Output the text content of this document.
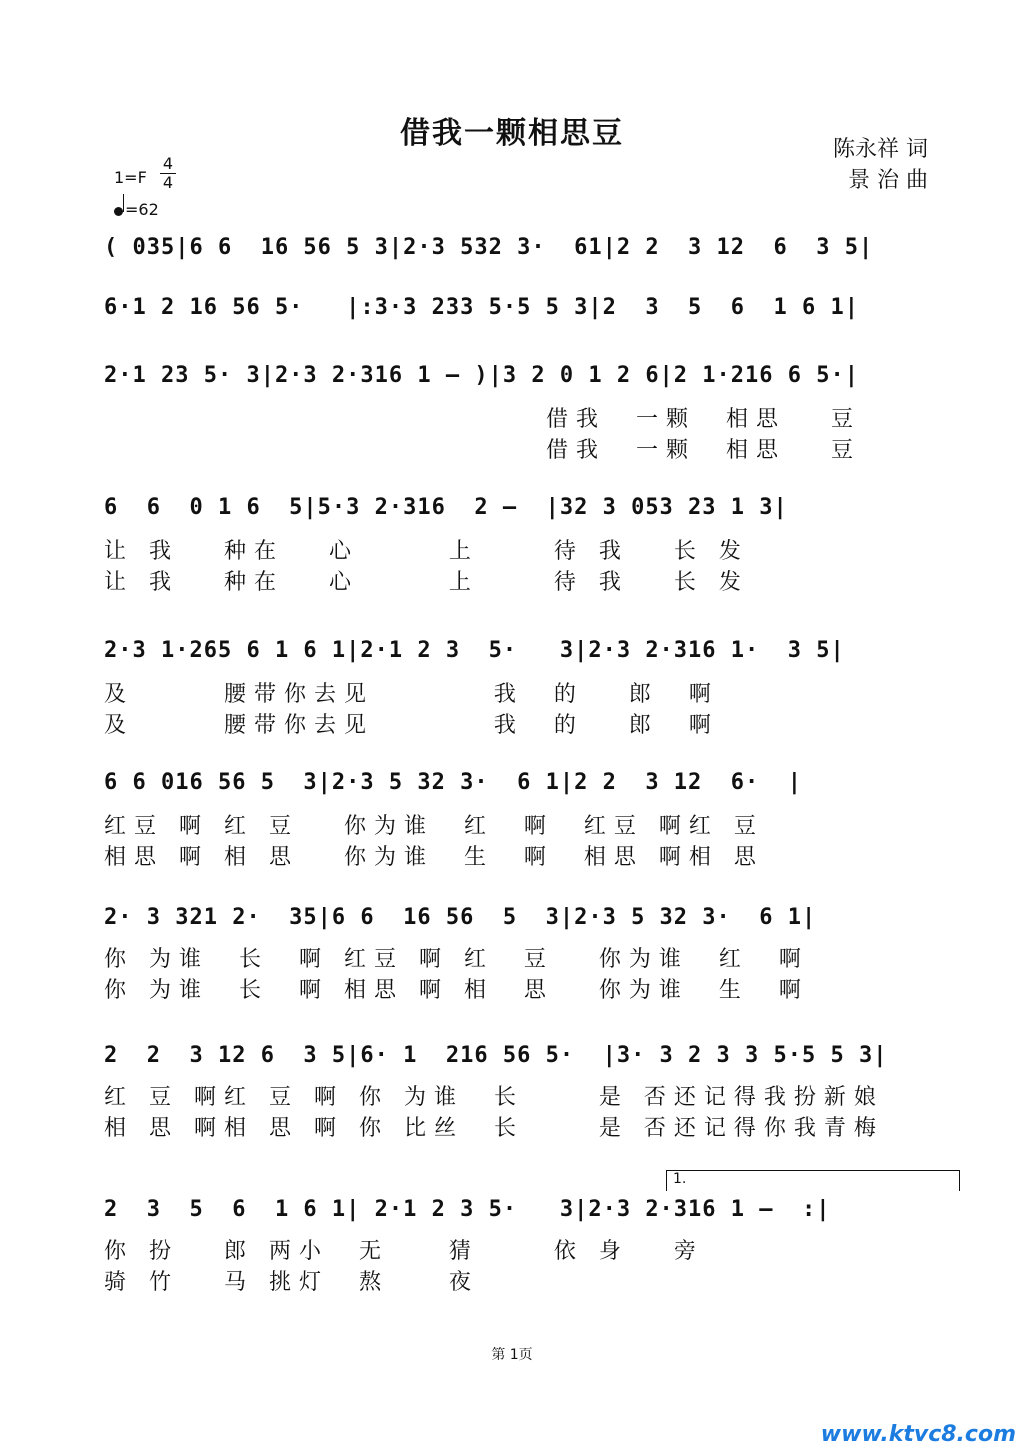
借我一颗相思豆	陈永祥 词
景 治 曲
1=F
4
4
=62
( 035|6 6  16 56 5 3|2·3 532 3·  61|2 2  3 12  6  3 5|
6·1 2 16 56 5·   |:3·3 233 5·5 5 3|2  3  5  6  1 6 1|
2·1 23 5· 3|2·3 2·316 1 – )|3 2 0 1 2 6|2 1·216 6 5·|
借我  一颗  相思   豆
借我  一颗  相思   豆
6  6  0 1 6  5|5·3 2·316  2 –  |32 3 053 23 1 3|
让 我   种在   心      上     待 我   长 发
让 我   种在   心      上     待 我   长 发
2·3 1·265 6 1 6 1|2·1 2 3  5·   3|2·3 2·316 1·  3 5|
及      腰带你去见        我  的   郎  啊
及      腰带你去见        我  的   郎  啊
6 6 016 56 5  3|2·3 5 32 3·  6 1|2 2  3 12  6·  |
红豆 啊 红 豆   你为谁  红  啊  红豆 啊红 豆
相思 啊 相 思   你为谁  生  啊  相思 啊相 思
2· 3 321 2·  35|6 6  16 56  5  3|2·3 5 32 3·  6 1|
你 为谁  长  啊 红豆 啊 红  豆   你为谁  红  啊
你 为谁  长  啊 相思 啊 相  思   你为谁  生  啊
2  2  3 12 6  3 5|6· 1  216 56 5·  |3· 3 2 3 3 5·5 5 3|
红 豆 啊红 豆 啊 你 为谁  长     是 否还记得我扮新娘
相 思 啊相 思 啊 你 比丝  长     是 否还记得你我青梅
1.
2  3  5  6  1 6 1| 2·1 2 3 5·   3|2·3 2·316 1 –  :|
你 扮   郎 两小  无    猜     依 身   旁
骑 竹   马 挑灯  熬    夜
第 1页
www.ktvc8.com
